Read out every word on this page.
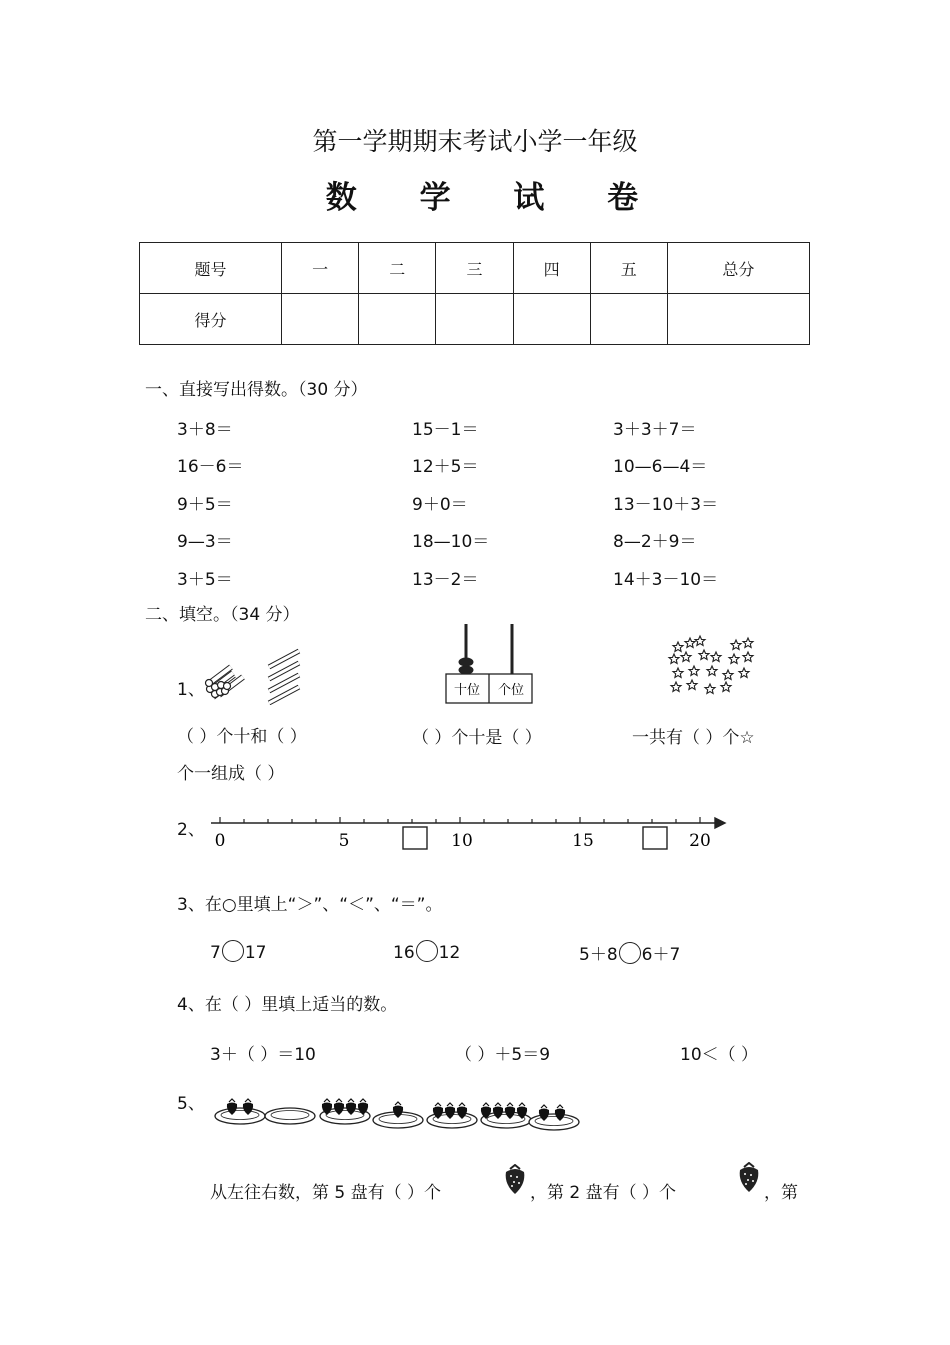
第一学期期末考试小学一年级
数 学 试 卷
题号	一	二	三	四	五	总分
得分						
一、直接写出得数。（30 分）
3＋8＝	15－1＝	3＋3＋7＝
16－6＝	12＋5＝	10—6—4＝
9＋5＝	9＋0＝	13－10＋3＝
9—3＝	18—10＝	8—2＋9＝
3＋5＝	13－2＝	14＋3－10＝
二、填空。（34 分）
1、	十位 个位
（ ）个十和（ ）
个一组成（ ）
（ ）个十是（ ）	一共有（ ）个☆
2、
0	5	10	15	20
3、在○里填上“＞”、“＜”、“＝”。
7 17	16 12	5＋8 6＋7
4、在（ ）里填上适当的数。
3＋（ ）＝10	（ ）＋5＝9	10＜（ ）
5、
从左往右数，第 5 盘有（ ）个	，第 2 盘有（ ）个	，第
